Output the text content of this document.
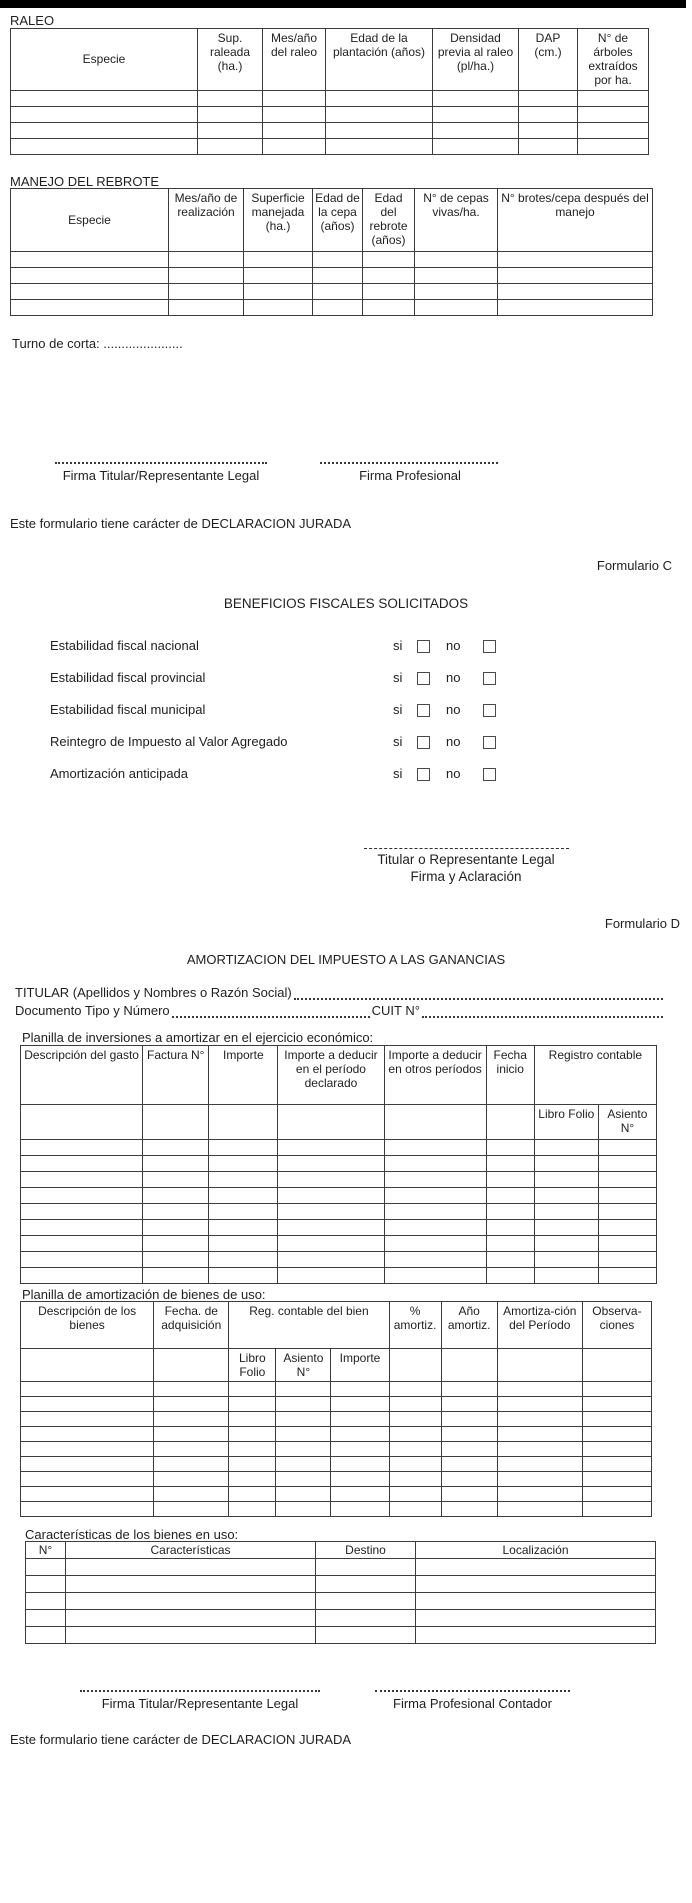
RALEO
Especie	Sup. raleada (ha.)	Mes/año del raleo	Edad de la plantación (años)	Densidad previa al raleo (pl/ha.)	DAP (cm.)	N° de árboles extraídos por ha.

MANEJO DEL REBROTE
Especie	Mes/año de realización	Superficie manejada (ha.)	Edad de la cepa (años)	Edad del rebrote (años)	N° de cepas vivas/ha.	N° brotes/cepa después del manejo

Turno de corta: ......................
Firma Titular/Representante Legal	Firma Profesional
Este formulario tiene carácter de DECLARACION JURADA
Formulario C
BENEFICIOS FISCALES SOLICITADOS
Estabilidad fiscal nacional	si	no
Estabilidad fiscal provincial	si	no
Estabilidad fiscal municipal	si	no
Reintegro de Impuesto al Valor Agregado	si	no
Amortización anticipada	si	no
Titular o Representante Legal
Firma y Aclaración
Formulario D
AMORTIZACION DEL IMPUESTO A LAS GANANCIAS
TITULAR (Apellidos y Nombres o Razón Social)
Documento Tipo y Número	CUIT N°
Planilla de inversiones a amortizar en el ejercicio económico:
Descripción del gasto	Factura N°	Importe	Importe a deducir en el período declarado	Importe a deducir en otros períodos	Fecha inicio	Registro contable	
						Libro Folio	Asiento N°

Planilla de amortización de bienes de uso:
Descripción de los bienes	Fecha. de adquisición	Reg. contable del bien			% amortiz.	Año amortiz.	Amortiza-ción del Período	Observa-ciones
		Libro Folio	Asiento N°	Importe				

Características de los bienes en uso:
N°	Características	Destino	Localización

Firma Titular/Representante Legal	Firma Profesional Contador
Este formulario tiene carácter de DECLARACION JURADA
